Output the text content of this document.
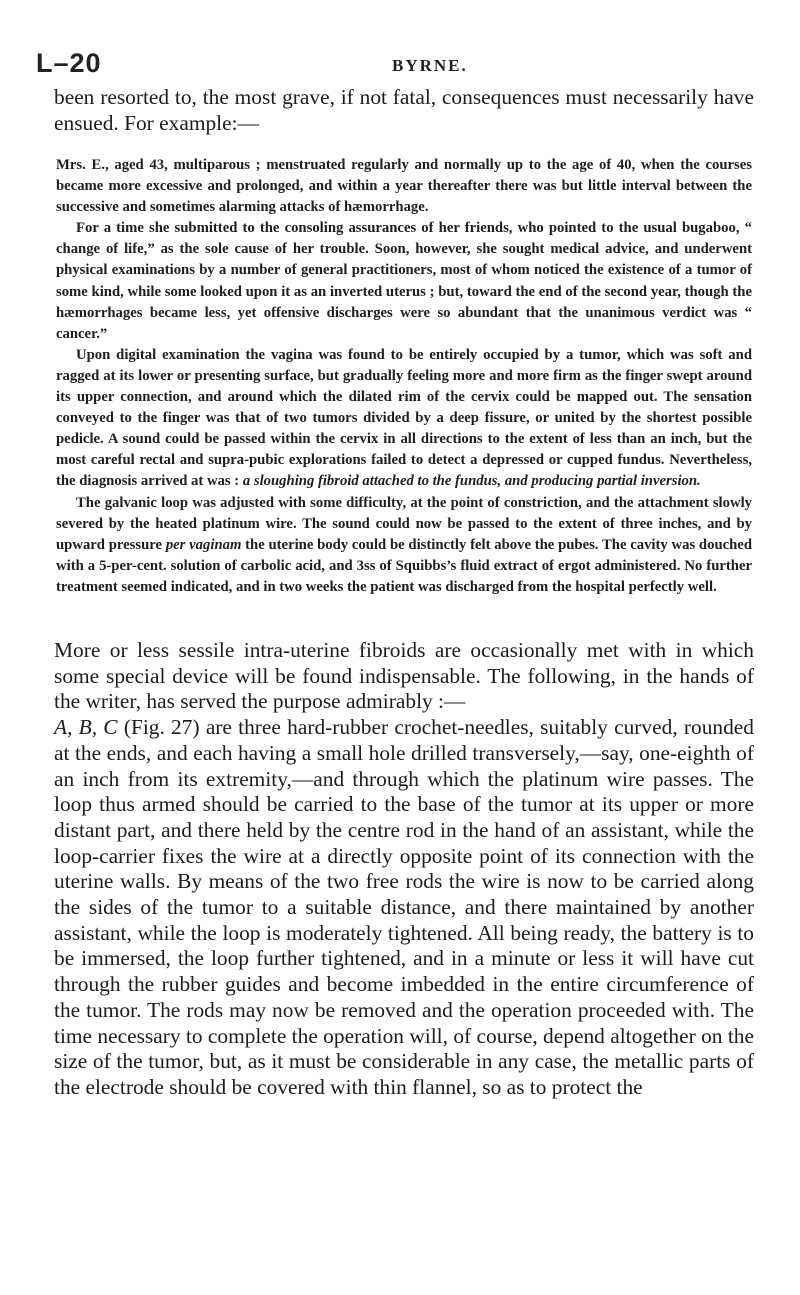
L–20	BYRNE.

been resorted to, the most grave, if not fatal, consequences must necessarily have ensued. For example:—

Mrs. E., aged 43, multiparous ; menstruated regularly and normally up to the age of 40, when the courses became more excessive and prolonged, and within a year thereafter there was but little interval between the successive and sometimes alarming attacks of hæmorrhage.

For a time she submitted to the consoling assurances of her friends, who pointed to the usual bugaboo, “ change of life,” as the sole cause of her trouble. Soon, however, she sought medical advice, and underwent physical examinations by a number of general practitioners, most of whom noticed the existence of a tumor of some kind, while some looked upon it as an inverted uterus ; but, toward the end of the second year, though the hæmorrhages became less, yet offensive discharges were so abundant that the unanimous verdict was “ cancer.”

Upon digital examination the vagina was found to be entirely occupied by a tumor, which was soft and ragged at its lower or presenting surface, but gradually feeling more and more firm as the finger swept around its upper connection, and around which the dilated rim of the cervix could be mapped out. The sensation conveyed to the finger was that of two tumors divided by a deep fissure, or united by the shortest possible pedicle. A sound could be passed within the cervix in all directions to the extent of less than an inch, but the most careful rectal and supra-pubic explorations failed to detect a depressed or cupped fundus. Nevertheless, the diagnosis arrived at was : a sloughing fibroid attached to the fundus, and producing partial inversion.

The galvanic loop was adjusted with some difficulty, at the point of constriction, and the attachment slowly severed by the heated platinum wire. The sound could now be passed to the extent of three inches, and by upward pressure per vaginam the uterine body could be distinctly felt above the pubes. The cavity was douched with a 5-per-cent. solution of carbolic acid, and 3ss of Squibbs’s fluid extract of ergot administered. No further treatment seemed indicated, and in two weeks the patient was discharged from the hospital perfectly well.

More or less sessile intra-uterine fibroids are occasionally met with in which some special device will be found indispensable. The following, in the hands of the writer, has served the purpose admirably :—

A, B, C (Fig. 27) are three hard-rubber crochet-needles, suitably curved, rounded at the ends, and each having a small hole drilled transversely,—say, one-eighth of an inch from its extremity,—and through which the platinum wire passes. The loop thus armed should be carried to the base of the tumor at its upper or more distant part, and there held by the centre rod in the hand of an assistant, while the loop-carrier fixes the wire at a directly opposite point of its connection with the uterine walls. By means of the two free rods the wire is now to be carried along the sides of the tumor to a suitable distance, and there maintained by another assistant, while the loop is moderately tightened. All being ready, the battery is to be immersed, the loop further tightened, and in a minute or less it will have cut through the rubber guides and become imbedded in the entire circumference of the tumor. The rods may now be removed and the operation proceeded with. The time necessary to complete the operation will, of course, depend altogether on the size of the tumor, but, as it must be considerable in any case, the metallic parts of the electrode should be covered with thin flannel, so as to protect the
